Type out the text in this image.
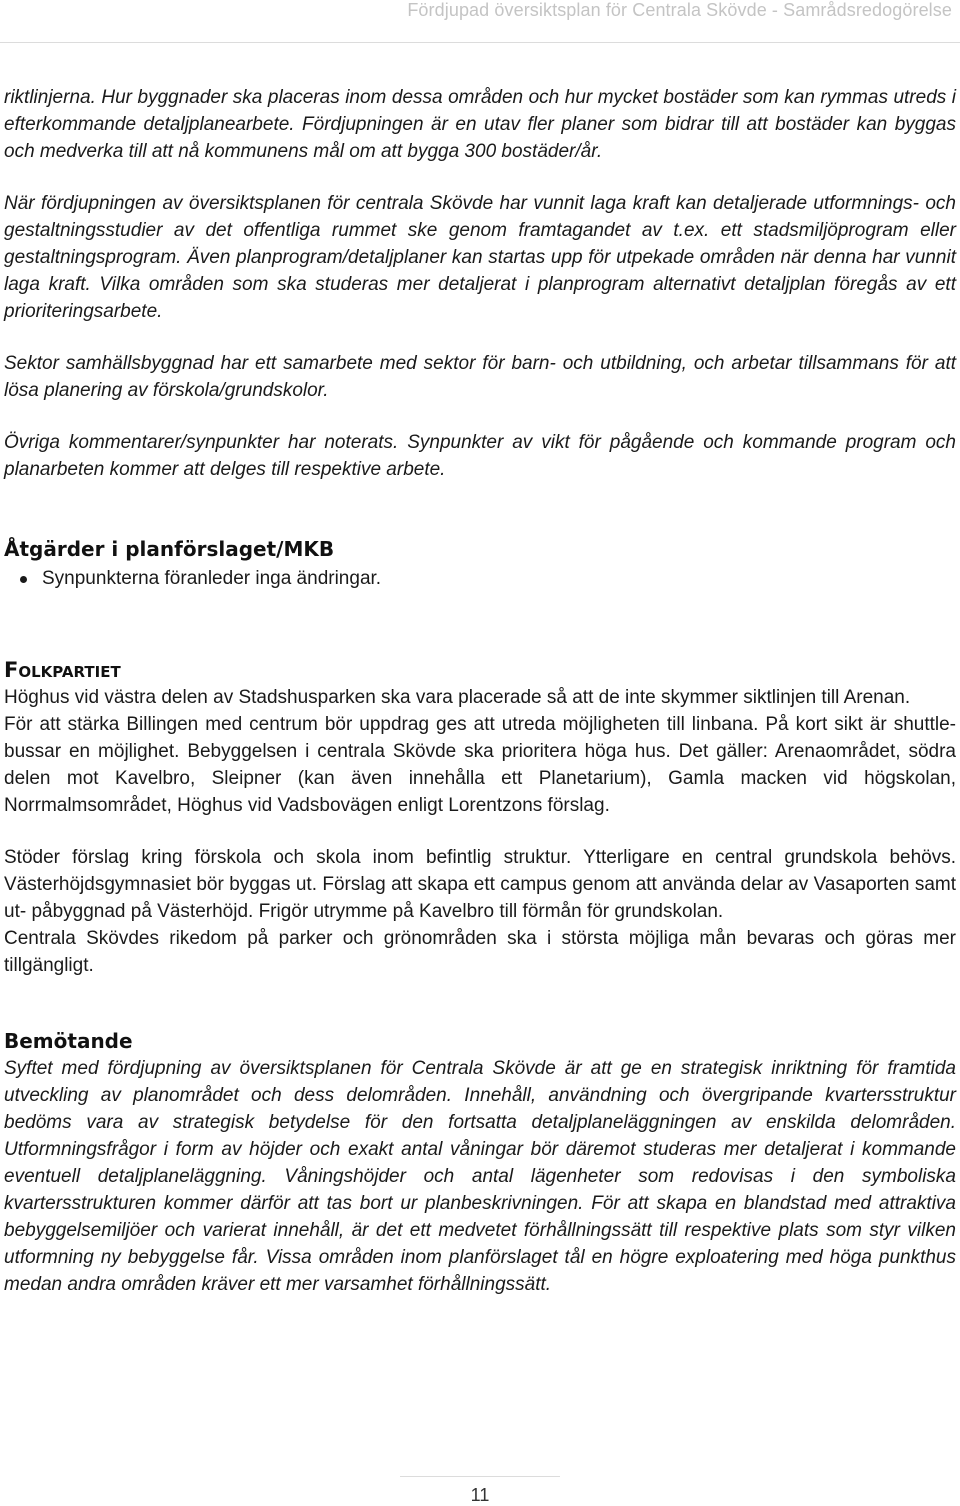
Fördjupad översiktsplan för Centrala Skövde - Samrådsredogörelse

riktlinjerna. Hur byggnader ska placeras inom dessa områden och hur mycket bostäder som kan rymmas utreds i efterkommande detaljplanearbete. Fördjupningen är en utav fler planer som bidrar till att bostäder kan byggas och medverka till att nå kommunens mål om att bygga 300 bostäder/år.

När fördjupningen av översiktsplanen för centrala Skövde har vunnit laga kraft kan detaljerade utformnings- och gestaltningsstudier av det offentliga rummet ske genom framtagandet av t.ex. ett stadsmiljöprogram eller gestaltningsprogram. Även planprogram/detaljplaner kan startas upp för utpekade områden när denna har vunnit laga kraft. Vilka områden som ska studeras mer detaljerat i planprogram alternativt detaljplan föregås av ett prioriteringsarbete.

Sektor samhällsbyggnad har ett samarbete med sektor för barn- och utbildning, och arbetar tillsammans för att lösa planering av förskola/grundskolor.

Övriga kommentarer/synpunkter har noterats. Synpunkter av vikt för pågående och kommande program och planarbeten kommer att delges till respektive arbete.

Åtgärder i planförslaget/MKB
Synpunkterna föranleder inga ändringar.
Folkpartiet

Höghus vid västra delen av Stadshusparken ska vara placerade så att de inte skymmer siktlinjen till Arenan.

För att stärka Billingen med centrum bör uppdrag ges att utreda möjligheten till linbana. På kort sikt är shuttle-bussar en möjlighet. Bebyggelsen i centrala Skövde ska prioritera höga hus. Det gäller: Arenaområdet, södra delen mot Kavelbro, Sleipner (kan även innehålla ett Planetarium), Gamla macken vid högskolan, Norrmalmsområdet, Höghus vid Vadsbovägen enligt Lorentzons förslag.

Stöder förslag kring förskola och skola inom befintlig struktur. Ytterligare en central grundskola behövs. Västerhöjdsgymnasiet bör byggas ut. Förslag att skapa ett campus genom att använda delar av Vasaporten samt ut- påbyggnad på Västerhöjd. Frigör utrymme på Kavelbro till förmån för grundskolan.

Centrala Skövdes rikedom på parker och grönområden ska i största möjliga mån bevaras och göras mer tillgängligt.

Bemötande

Syftet med fördjupning av översiktsplanen för Centrala Skövde är att ge en strategisk inriktning för framtida utveckling av planområdet och dess delområden. Innehåll, användning och övergripande kvartersstruktur bedöms vara av strategisk betydelse för den fortsatta detaljplaneläggningen av enskilda delområden. Utformningsfrågor i form av höjder och exakt antal våningar bör däremot studeras mer detaljerat i kommande eventuell detaljplaneläggning. Våningshöjder och antal lägenheter som redovisas i den symboliska kvartersstrukturen kommer därför att tas bort ur planbeskrivningen. För att skapa en blandstad med attraktiva bebyggelsemiljöer och varierat innehåll, är det ett medvetet förhållningssätt till respektive plats som styr vilken utformning ny bebyggelse får. Vissa områden inom planförslaget tål en högre exploatering med höga punkthus medan andra områden kräver ett mer varsamhet förhållningssätt.

11
